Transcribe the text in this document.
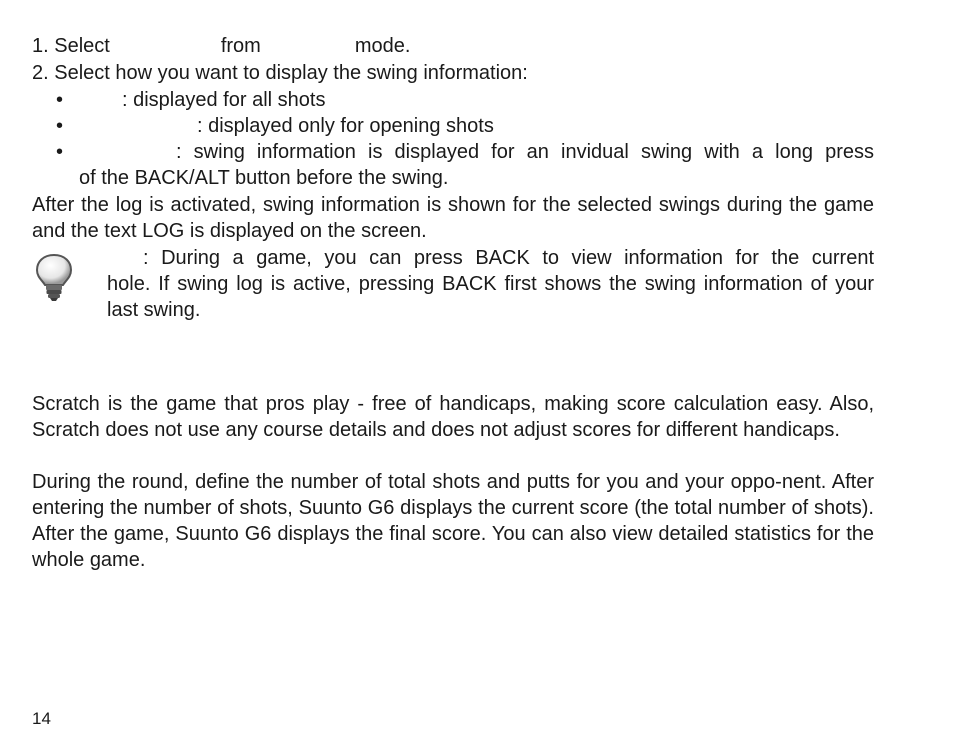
1. Select	from	mode.
2. Select how you want to display the swing information:
•	: displayed for all shots
•	: displayed only for opening shots
•	: swing information is displayed for an invidual swing with a long press
of the BACK/ALT button before the swing.
After the log is activated, swing information is shown for the selected swings during the game and the text LOG is displayed on the screen.
: During a game, you can press BACK to view information for the current
hole. If swing log is active, pressing BACK first shows the swing information of your last swing.
Scratch is the game that pros play - free of handicaps, making score calculation easy. Also, Scratch does not use any course details and does not adjust scores for different handicaps.
During the round, define the number of total shots and putts for you and your oppo-nent. After entering the number of shots, Suunto G6 displays the current score (the total number of shots). After the game, Suunto G6 displays the final score. You can also view detailed statistics for the whole game.
14
